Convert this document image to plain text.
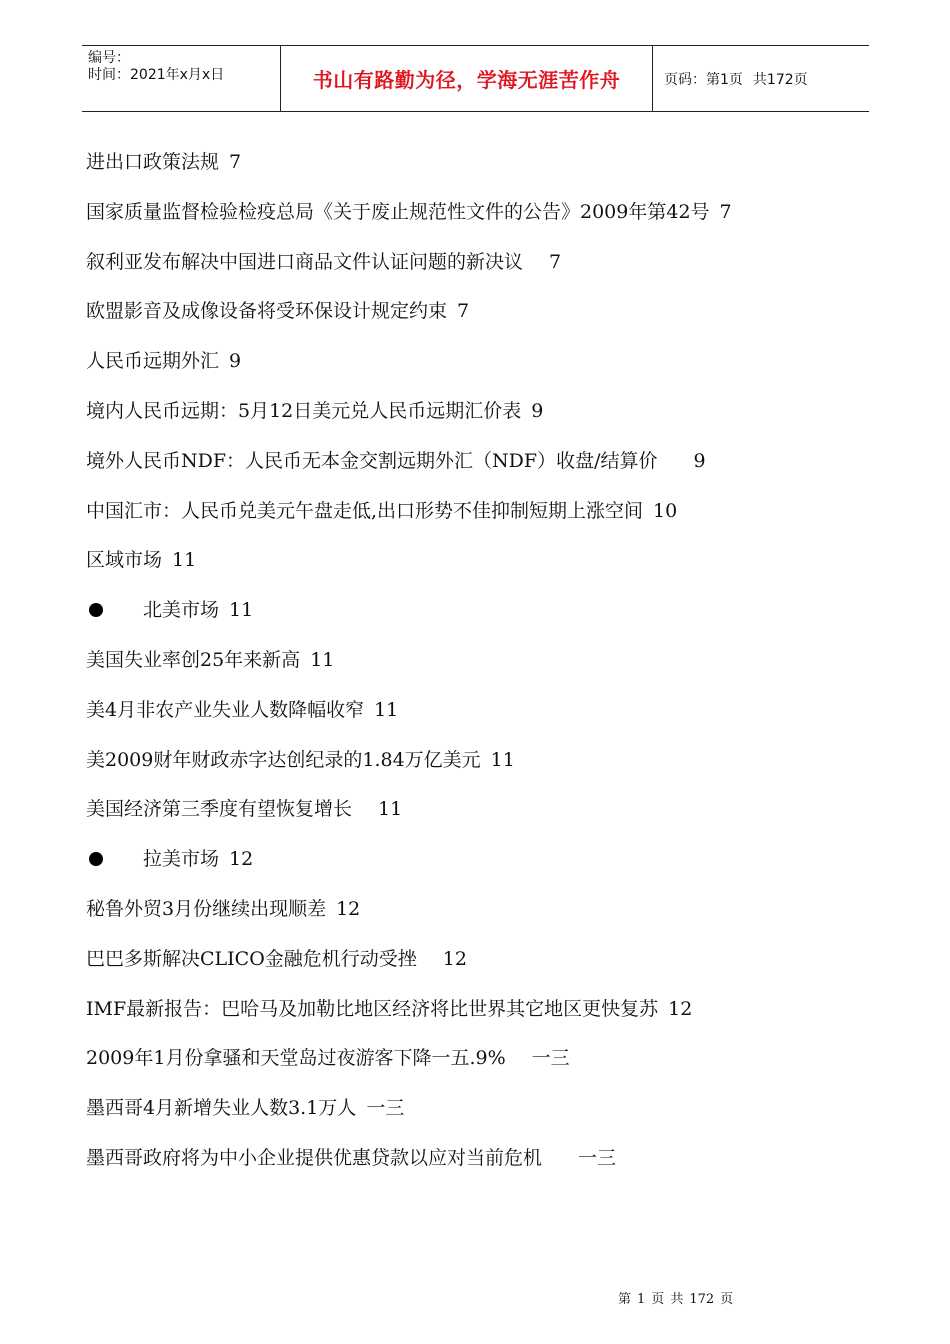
编号：
时间：2021年x月x日	书山有路勤为径，学海无涯苦作舟	页码：第1页 共172页
进出口政策法规 7
国家质量监督检验检疫总局《关于废止规范性文件的公告》2009年第42号 7
叙利亚发布解决中国进口商品文件认证问题的新决议 7
欧盟影音及成像设备将受环保设计规定约束 7
人民币远期外汇 9
境内人民币远期：5月12日美元兑人民币远期汇价表 9
境外人民币NDF：人民币无本金交割远期外汇（NDF）收盘/结算价 9
中国汇市：人民币兑美元午盘走低,出口形势不佳抑制短期上涨空间 10
区域市场 11
北美市场 11
美国失业率创25年来新高 11
美4月非农产业失业人数降幅收窄 11
美2009财年财政赤字达创纪录的1.84万亿美元 11
美国经济第三季度有望恢复增长 11
拉美市场 12
秘鲁外贸3月份继续出现顺差 12
巴巴多斯解决CLICO金融危机行动受挫 12
IMF最新报告：巴哈马及加勒比地区经济将比世界其它地区更快复苏 12
2009年1月份拿骚和天堂岛过夜游客下降一五.9% 一三
墨西哥4月新增失业人数3.1万人 一三
墨西哥政府将为中小企业提供优惠贷款以应对当前危机 一三
第 1 页 共 172 页
